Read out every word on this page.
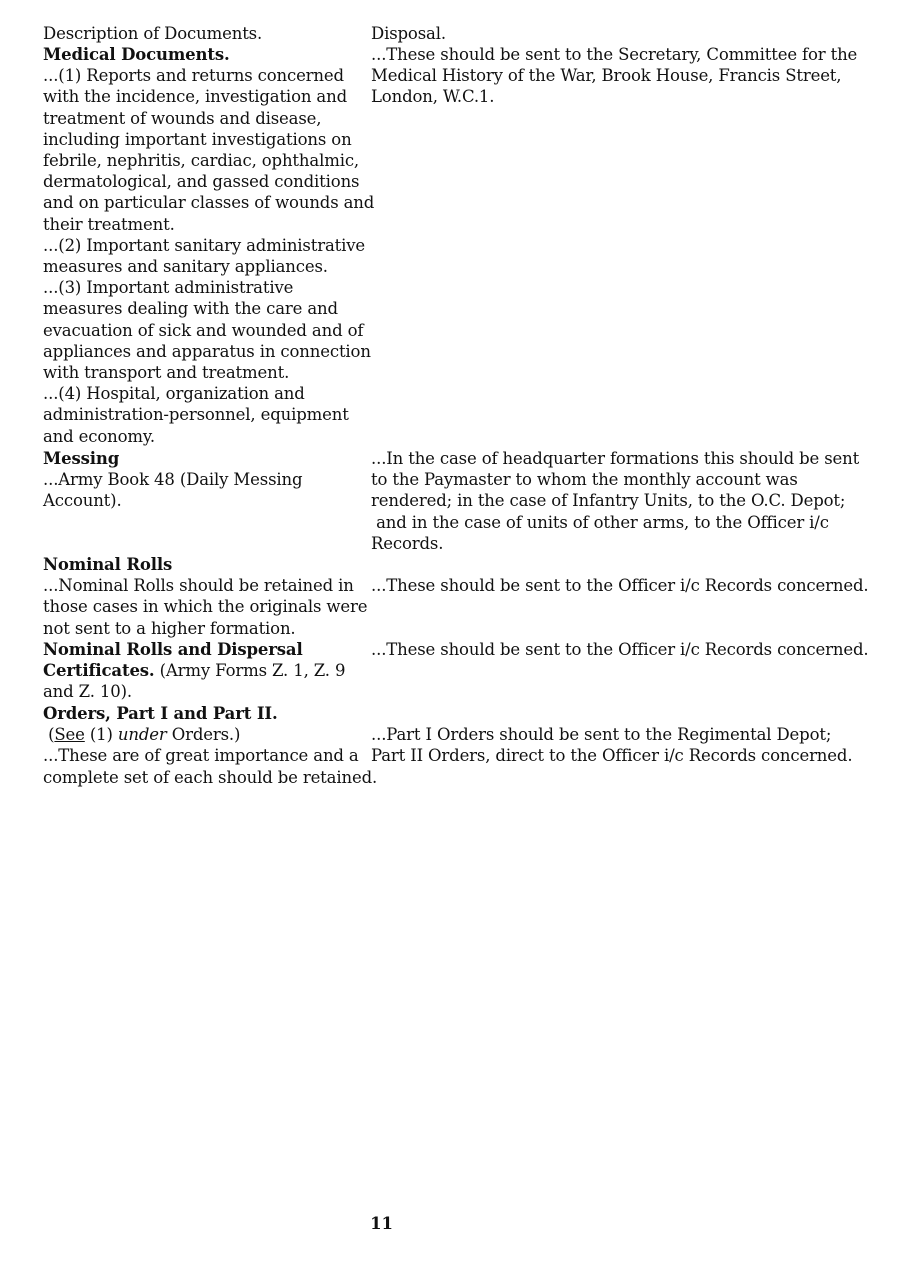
Description of Documents.	Disposal.
Medical Documents.
...(1) Reports and returns concerned
with the incidence, investigation and
treatment of wounds and disease,
including important investigations on
febrile, nephritis, cardiac, ophthalmic,
dermatological, and gassed conditions
and on particular classes of wounds and
their treatment.
...(2) Important sanitary administrative
measures and sanitary appliances.
...(3) Important administrative
measures dealing with the care and
evacuation of sick and wounded and of
appliances and apparatus in connection
with transport and treatment.
...(4) Hospital, organization and
administration-personnel, equipment
and economy.
...These should be sent to the Secretary, Committee for the
Medical History of the War, Brook House, Francis Street,
London, W.C.1.
Messing
...Army Book 48 (Daily Messing
Account).
...In the case of headquarter formations this should be sent
to the Paymaster to whom the monthly account was
rendered; in the case of Infantry Units, to the O.C. Depot;
and in the case of units of other arms, to the Officer i/c
Records.
Nominal Rolls
...Nominal Rolls should be retained in
those cases in which the originals were
not sent to a higher formation.
...These should be sent to the Officer i/c Records concerned.
Nominal Rolls and Dispersal
Certificates. (Army Forms Z. 1, Z. 9
and Z. 10).
...These should be sent to the Officer i/c Records concerned.
Orders, Part I and Part II.
(See (1) under Orders.)
...These are of great importance and a
complete set of each should be retained.
...Part I Orders should be sent to the Regimental Depot;
Part II Orders, direct to the Officer i/c Records concerned.
11
